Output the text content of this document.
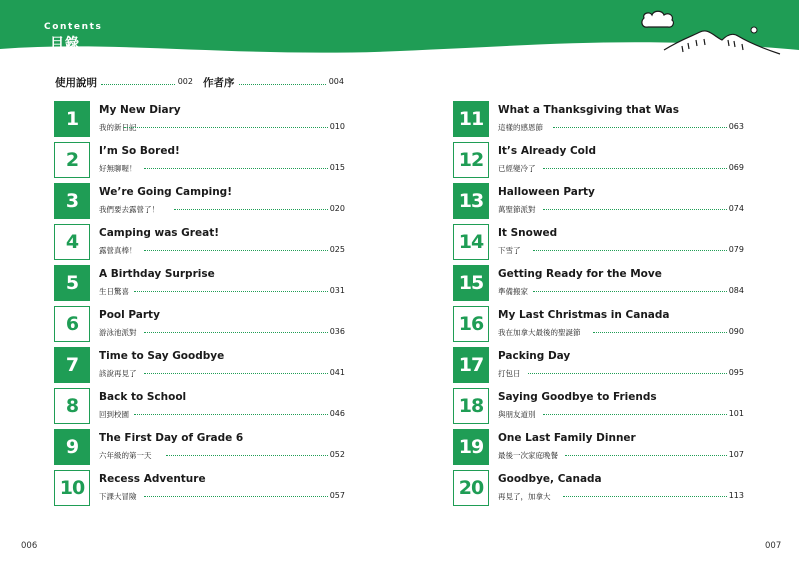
Contents
目錄
使用說明	002 作者序	004
1	My New Diary
我的新日記	010
2	I’m So Bored!
好無聊喔！	015
3	We’re Going Camping!
我們要去露營了！	020
4	Camping was Great!
露營真棒！	025
5	A Birthday Surprise
生日驚喜	031
6	Pool Party
游泳池派對	036
7	Time to Say Goodbye
該說再見了	041
8	Back to School
回到校園	046
9	The First Day of Grade 6
六年級的第一天	052
10	Recess Adventure
下課大冒險	057
11	What a Thanksgiving that Was
這樣的感恩節	063
12	It’s Already Cold
已經變冷了	069
13	Halloween Party
萬聖節派對	074
14	It Snowed
下雪了	079
15	Getting Ready for the Move
準備搬家	084
16	My Last Christmas in Canada
我在加拿大最後的聖誕節	090
17	Packing Day
打包日	095
18	Saying Goodbye to Friends
與朋友道別	101
19	One Last Family Dinner
最後一次家庭晚餐	107
20	Goodbye, Canada
再見了，加拿大	113
006	007
